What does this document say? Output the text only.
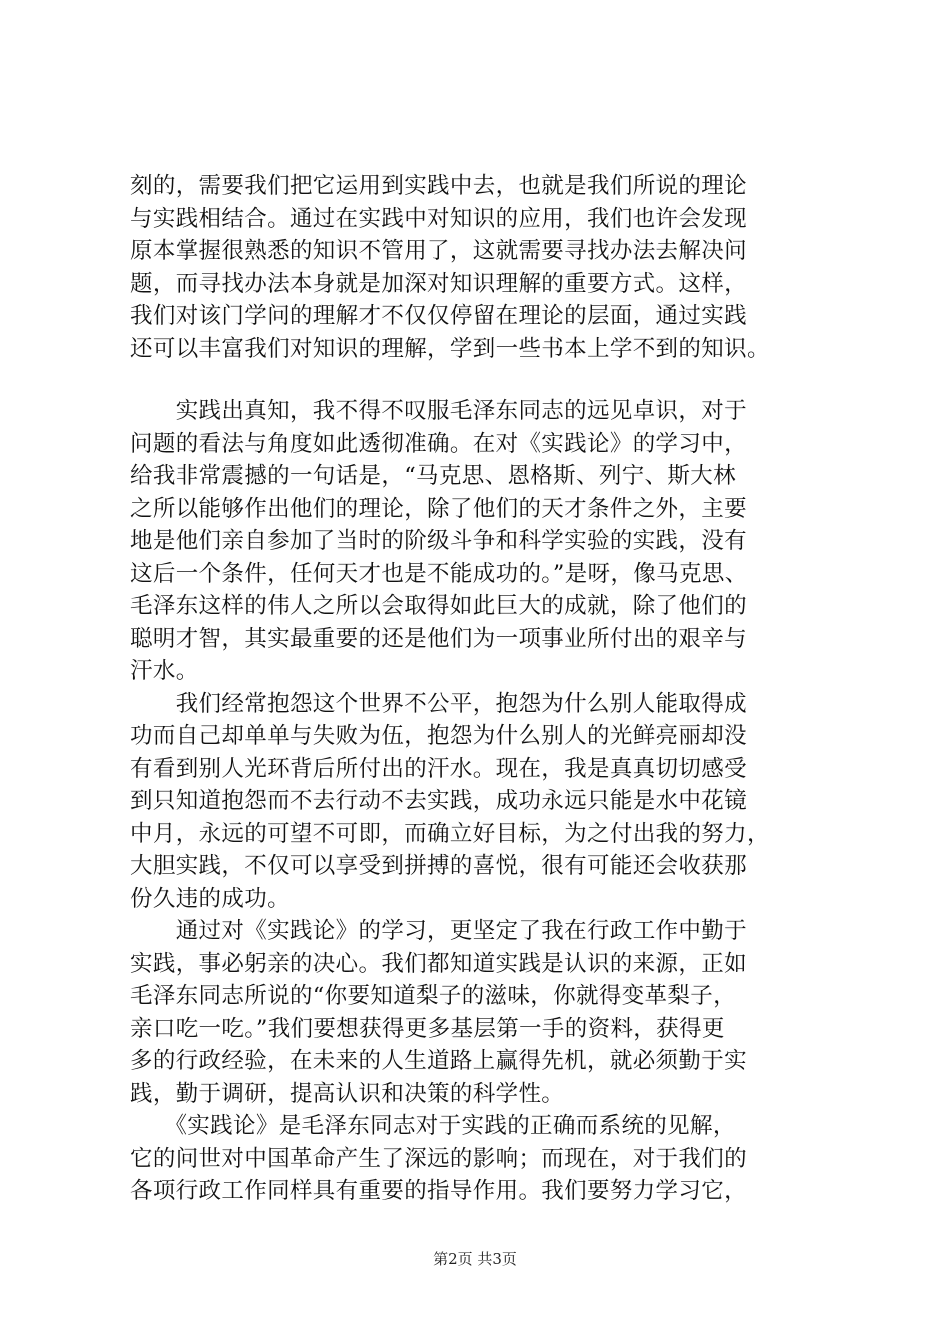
刻的，需要我们把它运用到实践中去，也就是我们所说的理论
与实践相结合。通过在实践中对知识的应用，我们也许会发现
原本掌握很熟悉的知识不管用了，这就需要寻找办法去解决问
题，而寻找办法本身就是加深对知识理解的重要方式。这样，
我们对该门学问的理解才不仅仅停留在理论的层面，通过实践
还可以丰富我们对知识的理解，学到一些书本上学不到的知识。
　　实践出真知，我不得不叹服毛泽东同志的远见卓识，对于
问题的看法与角度如此透彻准确。在对《实践论》的学习中，
给我非常震撼的一句话是，“马克思、恩格斯、列宁、斯大林
之所以能够作出他们的理论，除了他们的天才条件之外，主要
地是他们亲自参加了当时的阶级斗争和科学实验的实践，没有
这后一个条件，任何天才也是不能成功的。”是呀，像马克思、
毛泽东这样的伟人之所以会取得如此巨大的成就，除了他们的
聪明才智，其实最重要的还是他们为一项事业所付出的艰辛与
汗水。
　　我们经常抱怨这个世界不公平，抱怨为什么别人能取得成
功而自己却单单与失败为伍，抱怨为什么别人的光鲜亮丽却没
有看到别人光环背后所付出的汗水。现在，我是真真切切感受
到只知道抱怨而不去行动不去实践，成功永远只能是水中花镜
中月，永远的可望不可即，而确立好目标，为之付出我的努力，
大胆实践，不仅可以享受到拼搏的喜悦，很有可能还会收获那
份久违的成功。
　　通过对《实践论》的学习，更坚定了我在行政工作中勤于
实践，事必躬亲的决心。我们都知道实践是认识的来源，正如
毛泽东同志所说的“你要知道梨子的滋味，你就得变革梨子，
亲口吃一吃。”我们要想获得更多基层第一手的资料，获得更
多的行政经验，在未来的人生道路上赢得先机，就必须勤于实
践，勤于调研，提高认识和决策的科学性。
　　《实践论》是毛泽东同志对于实践的正确而系统的见解，
它的问世对中国革命产生了深远的影响；而现在，对于我们的
各项行政工作同样具有重要的指导作用。我们要努力学习它，
第2页 共3页
